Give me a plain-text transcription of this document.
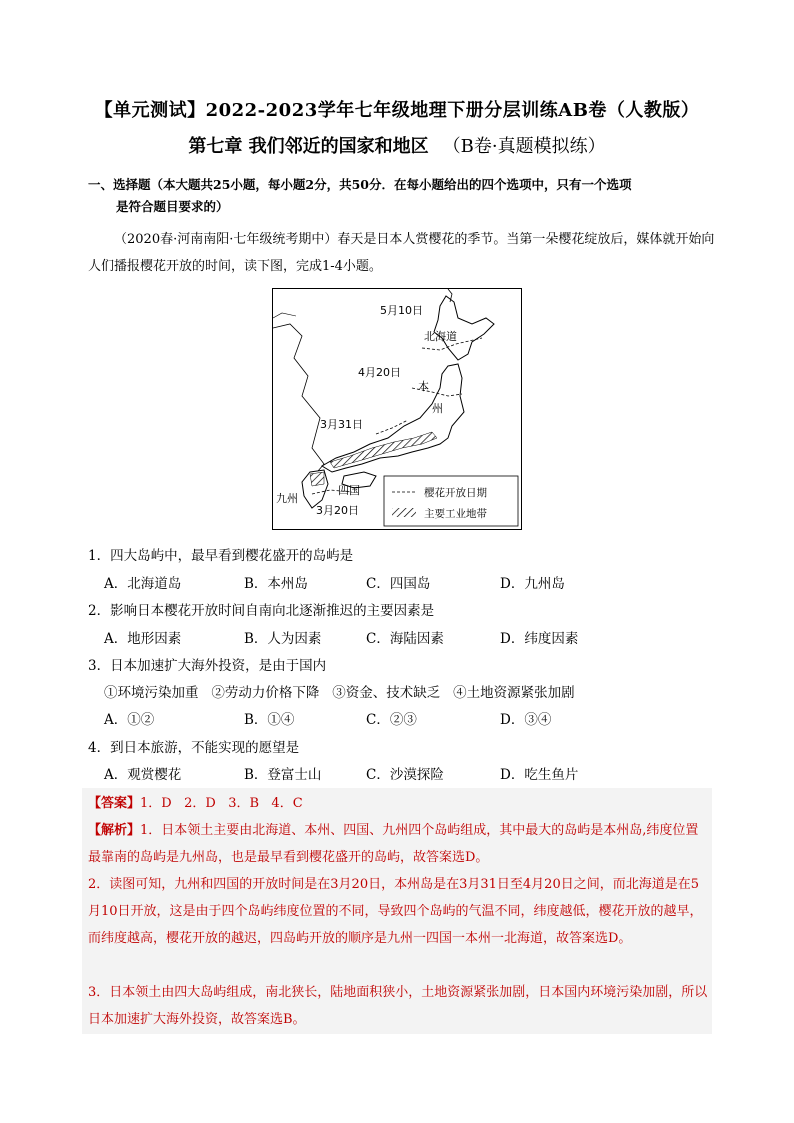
【单元测试】2022-2023学年七年级地理下册分层训练AB卷（人教版）
第七章 我们邻近的国家和地区 （B卷·真题模拟练）
一、选择题（本大题共25小题，每小题2分，共50分．在每小题给出的四个选项中，只有一个选项
是符合题目要求的）
（2020春·河南南阳·七年级统考期中）春天是日本人赏樱花的季节。当第一朵樱花绽放后，媒体就开始向人们播报樱花开放的时间，读下图，完成1-4小题。
5月10日
北海道
4月20日
3月31日
本
州
四国
九州
3月20日
樱花开放日期
主要工业地带
1．四大岛屿中，最早看到樱花盛开的岛屿是
A．北海道岛	B．本州岛	C．四国岛	D．九州岛
2．影响日本樱花开放时间自南向北逐渐推迟的主要因素是
A．地形因素	B．人为因素	C．海陆因素	D．纬度因素
3．日本加速扩大海外投资，是由于国内
①环境污染加重   ②劳动力价格下降   ③资金、技术缺乏   ④土地资源紧张加剧
A．①②	B．①④	C．②③	D．③④
4．到日本旅游，不能实现的愿望是
A．观赏樱花	B．登富士山	C．沙漠探险	D．吃生鱼片
【答案】1．D   2．D   3．B   4．C
【解析】1．日本领土主要由北海道、本州、四国、九州四个岛屿组成，其中最大的岛屿是本州岛,纬度位置最靠南的岛屿是九州岛，也是最早看到樱花盛开的岛屿，故答案选D。
2．读图可知，九州和四国的开放时间是在3月20日，本州岛是在3月31日至4月20日之间，而北海道是在5月10日开放，这是由于四个岛屿纬度位置的不同，导致四个岛屿的气温不同，纬度越低，樱花开放的越早，而纬度越高，樱花开放的越迟，四岛屿开放的顺序是九州一四国一本州一北海道，故答案选D。
3．日本领土由四大岛屿组成，南北狭长，陆地面积狭小，土地资源紧张加剧，日本国内环境污染加剧，所以日本加速扩大海外投资，故答案选B。
